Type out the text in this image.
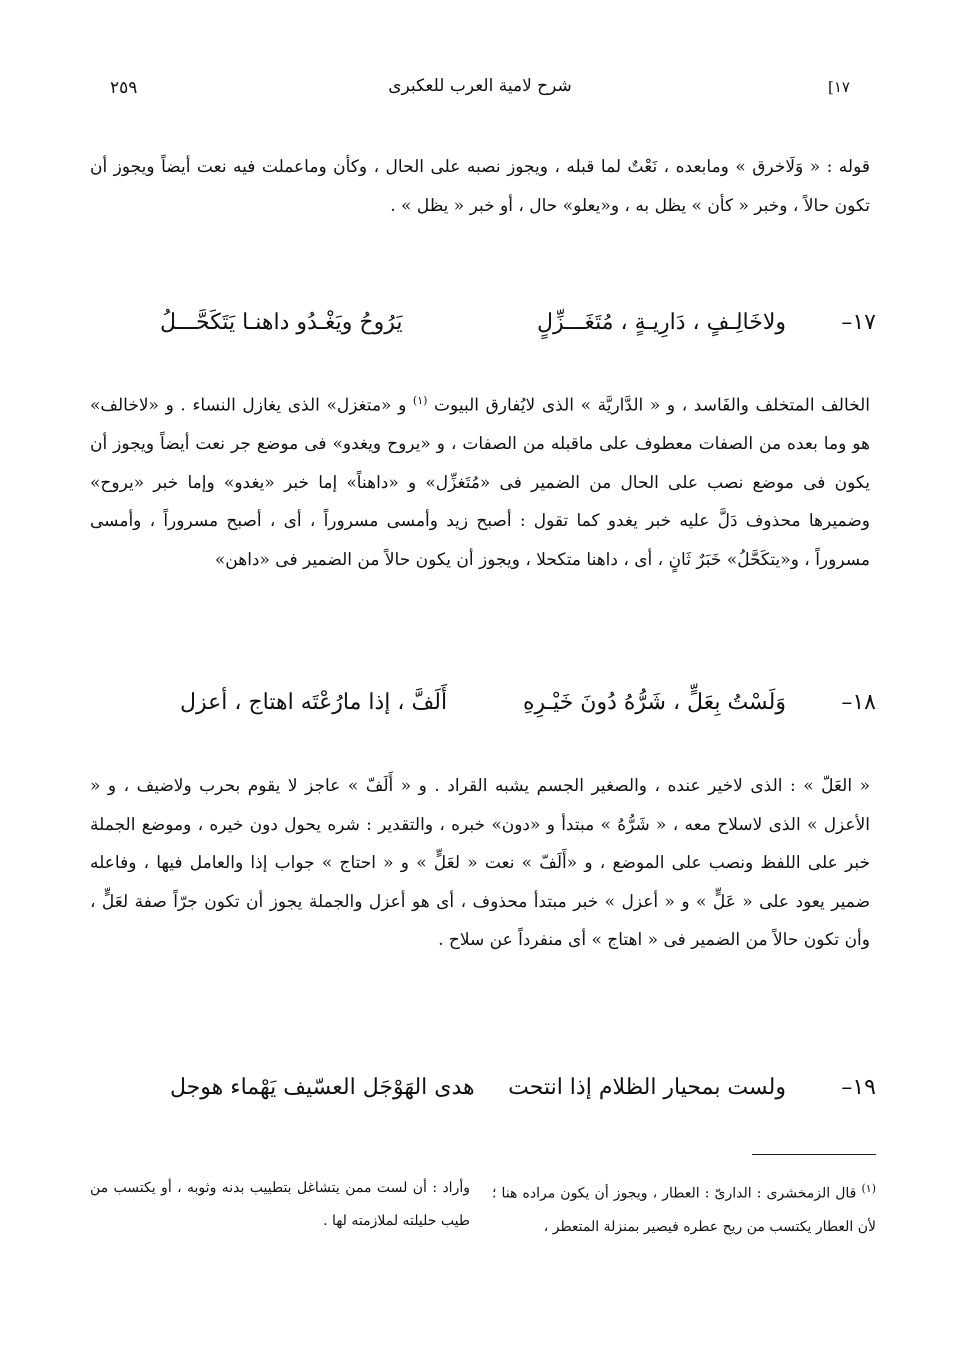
١٧]
شرح لامية العرب للعكبرى
٢٥٩
قوله : « وَلَاخرق » ومابعده ، نَعْتٌ لما قبله ، ويجوز نصبه على الحال ، وكأن وماعملت فيه نعت أيضاً ويجوز أن تكون حالاً ، وخبر « كأن » يظل به ، و«يعلو» حال ، أو خبر « يظل » .
١٧–
ولاخَالِـفٍ ، دَارِيـةٍ ، مُتَغَـــزِّلٍ
يَرُوحُ ويَغْـدُو داهنـا يَتَكَحَّـــلُ
الخالف المتخلف والفَاسد ، و « الدَّاريَّة » الذى لايُفارق البيوت $^{(١)}$ و «متغزل» الذى يغازل النساء . و «لاخالف» هو وما بعده من الصفات معطوف على ماقبله من الصفات ، و «يروح ويغدو» فى موضع جر نعت أيضاً ويجوز أن يكون فى موضع نصب على الحال من الضمير فى «مُتَغزِّل» و «داهناً» إما خبر «يغدو» وإما خبر «يروح» وضميرها محذوف دَلَّ عليه خبر يغدو كما تقول : أصبح زيد وأمسى مسروراً ، أى ، أصبح مسروراً ، وأمسى مسروراً ، و«يتكَحَّلُ» خَبَرٌ ثَانٍ ، أى ، داهنا متكحلا ، ويجوز أن يكون حالاً من الضمير فى «داهن»
١٨–
وَلَسْتُ بِعَلٍّ ، شَرُّهُ دُونَ خَيْـرِهِ
أَلَفَّ ، إذا مارُعْتَه اهتاج ، أعزل
« العَلّ » : الذى لاخير عنده ، والصغير الجسم يشبه القراد . و « أَلَفّ » عاجز لا يقوم بحرب ولاضيف ، و « الأعزل » الذى لاسلاح معه ، « شَرُّهُ » مبتدأ و «دون» خبره ، والتقدير : شره يحول دون خيره ، وموضع الجملة خبر على اللفظ ونصب على الموضع ، و «أَلَفّ » نعت « لعَلٍّ » و « احتاج » جواب إذا والعامل فيها ، وفاعله ضمير يعود على « عَلٍّ » و « أعزل » خبر مبتدأ محذوف ، أى هو أعزل والجملة يجوز أن تكون جرّاً صفة لعَلٍّ ، وأن تكون حالاً من الضمير فى « اهتاج » أى منفرداً عن سلاح .
١٩–
ولست بمحيار الظلام إذا انتحت
هدى الهَوْجَل العسّيف يَهْماء هوجل
$^{(١)}$ قال الزمخشرى : الدارىّ : العطار ، ويجوز أن يكون مراده هنا ؛ لأن العطار يكتسب من ريح عطره فيصير بمنزلة المتعطر ،
وأراد : أن لست ممن يتشاغل بتطييب بدنه وثوبه ، أو يكتسب من طيب حليلته لملازمته لها .
